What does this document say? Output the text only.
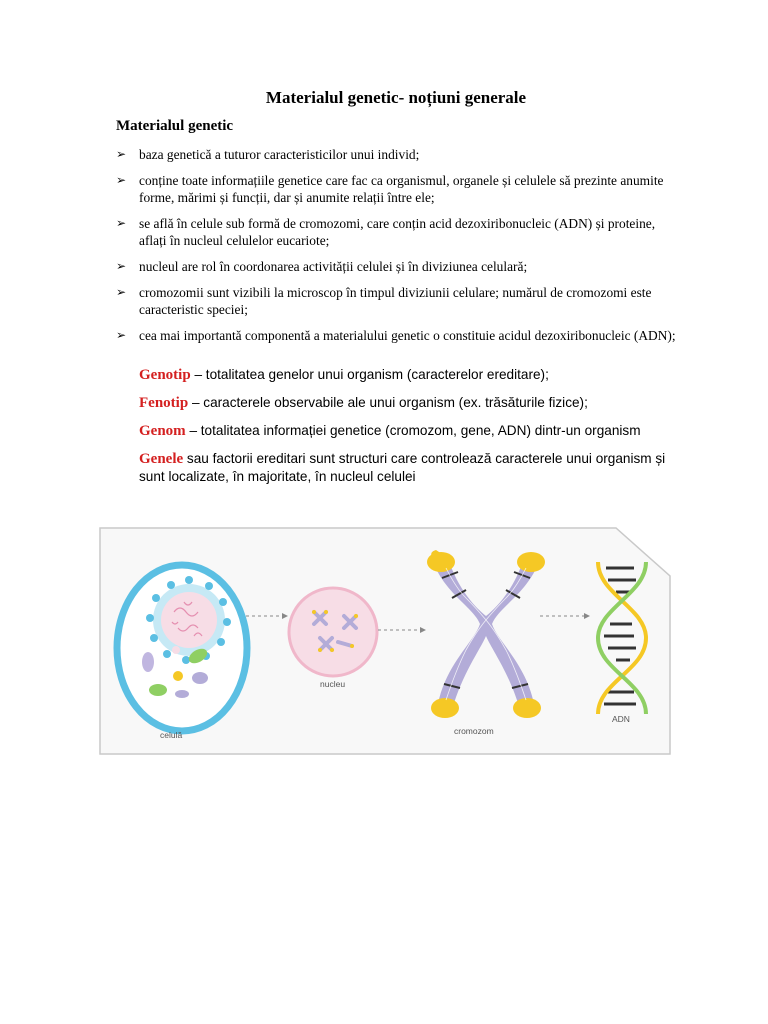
Materialul genetic- noțiuni generale
Materialul genetic
➢ baza genetică a tuturor caracteristicilor unui individ;
➢ conține toate informațiile genetice care fac ca organismul, organele și celulele să prezinte anumite forme, mărimi și funcții, dar și anumite relații între ele;
➢ se află în celule sub formă de cromozomi, care conțin acid dezoxiribonucleic (ADN) și proteine, aflați în nucleul celulelor eucariote;
➢ nucleul are rol în coordonarea activității celulei și în diviziunea celulară;
➢ cromozomii sunt vizibili la microscop în timpul diviziunii celulare; numărul de cromozomi este caracteristic speciei;
➢ cea mai importantă componentă a materialului genetic o constituie acidul dezoxiribonucleic (ADN);
Genotip – totalitatea genelor unui organism (caracterelor ereditare);
Fenotip – caracterele observabile ale unui organism (ex. trăsăturile fizice);
Genom – totalitatea informației genetice (cromozom, gene, ADN) dintr-un organism
Genele sau factorii ereditari sunt structuri care controlează caracterele unui organism și sunt localizate, în majoritate, în nucleul celulei
celulă
nucleu
cromozom
ADN
